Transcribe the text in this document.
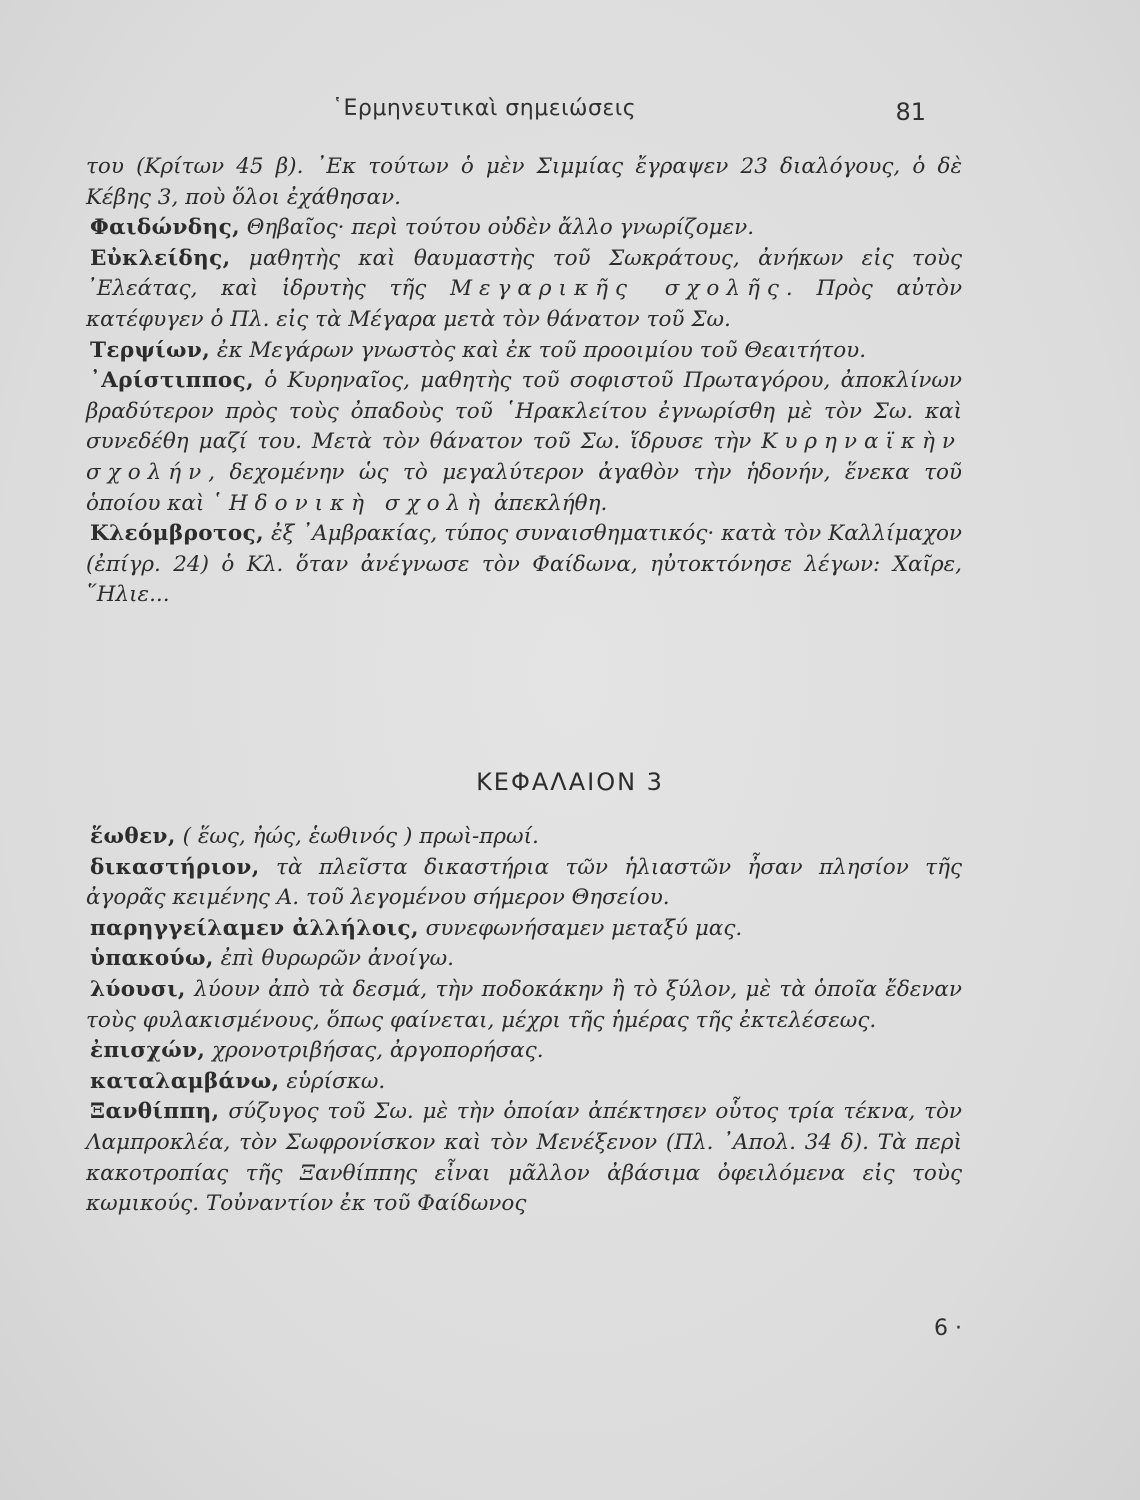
῾Ερμηνευτικαὶ σημειώσεις	81

του (Κρίτων 45 β). ᾿Εκ τούτων ὁ μὲν Σιμμίας ἔγραψεν 23 διαλόγους, ὁ δὲ Κέβης 3, ποὺ ὅλοι ἐχάθησαν.

Φαιδώνδης, Θηβαῖος· περὶ τούτου οὐδὲν ἄλλο γνωρίζομεν.

Εὐκλείδης, μαθητὴς καὶ θαυμαστὴς τοῦ Σωκράτους, ἀνήκων εἰς τοὺς ᾿Ελεάτας, καὶ ἱδρυτὴς τῆς Μεγαρικῆς σχολῆς. Πρὸς αὐτὸν κατέφυγεν ὁ Πλ. εἰς τὰ Μέγαρα μετὰ τὸν θάνατον τοῦ Σω.

Τερψίων, ἐκ Μεγάρων γνωστὸς καὶ ἐκ τοῦ προοιμίου τοῦ Θεαιτήτου.

᾿Αρίστιππος, ὁ Κυρηναῖος, μαθητὴς τοῦ σοφιστοῦ Πρωταγόρου, ἀποκλίνων βραδύτερον πρὸς τοὺς ὀπαδοὺς τοῦ ῾Ηρακλείτου ἐγνωρίσθη μὲ τὸν Σω. καὶ συνεδέθη μαζί του. Μετὰ τὸν θάνατον τοῦ Σω. ἵδρυσε τὴν Κυρηναϊκὴν σχολήν, δεχομένην ὡς τὸ μεγαλύτερον ἀγαθὸν τὴν ἡδονήν, ἕνεκα τοῦ ὁποίου καὶ ῾Ηδονικὴ σχολὴ ἀπεκλήθη.

Κλεόμβροτος, ἐξ ᾿Αμβρακίας, τύπος συναισθηματικός· κατὰ τὸν Καλλίμαχον (ἐπίγρ. 24) ὁ Κλ. ὅταν ἀνέγνωσε τὸν Φαίδωνα, ηὐτοκτόνησε λέγων: Χαῖρε, ῞Ηλιε...

ΚΕΦΑΛΑΙΟΝ 3

ἕωθεν, ( ἕως, ἠώς, ἑωθινός ) πρωὶ-πρωί.

δικαστήριον, τὰ πλεῖστα δικαστήρια τῶν ἡλιαστῶν ἦσαν πλησίον τῆς ἀγορᾶς κειμένης Α. τοῦ λεγομένου σήμερον Θησείου.

παρηγγείλαμεν ἀλλήλοις, συνεφωνήσαμεν μεταξύ μας.

ὑπακούω, ἐπὶ θυρωρῶν ἀνοίγω.

λύουσι, λύουν ἀπὸ τὰ δεσμά, τὴν ποδοκάκην ἢ τὸ ξύλον, μὲ τὰ ὁποῖα ἔδεναν τοὺς φυλακισμένους, ὅπως φαίνεται, μέχρι τῆς ἡμέρας τῆς ἐκτελέσεως.

ἐπισχών, χρονοτριβήσας, ἀργοπορήσας.

καταλαμβάνω, εὑρίσκω.

Ξανθίππη, σύζυγος τοῦ Σω. μὲ τὴν ὁποίαν ἀπέκτησεν οὗτος τρία τέκνα, τὸν Λαμπροκλέα, τὸν Σωφρονίσκον καὶ τὸν Μενέξενον (Πλ. ᾿Απολ. 34 δ). Τὰ περὶ κακοτροπίας τῆς Ξανθίππης εἶναι μᾶλλον ἀβάσιμα ὀφειλόμενα εἰς τοὺς κωμικούς. Τοὐναντίον ἐκ τοῦ Φαίδωνος

6 ·
